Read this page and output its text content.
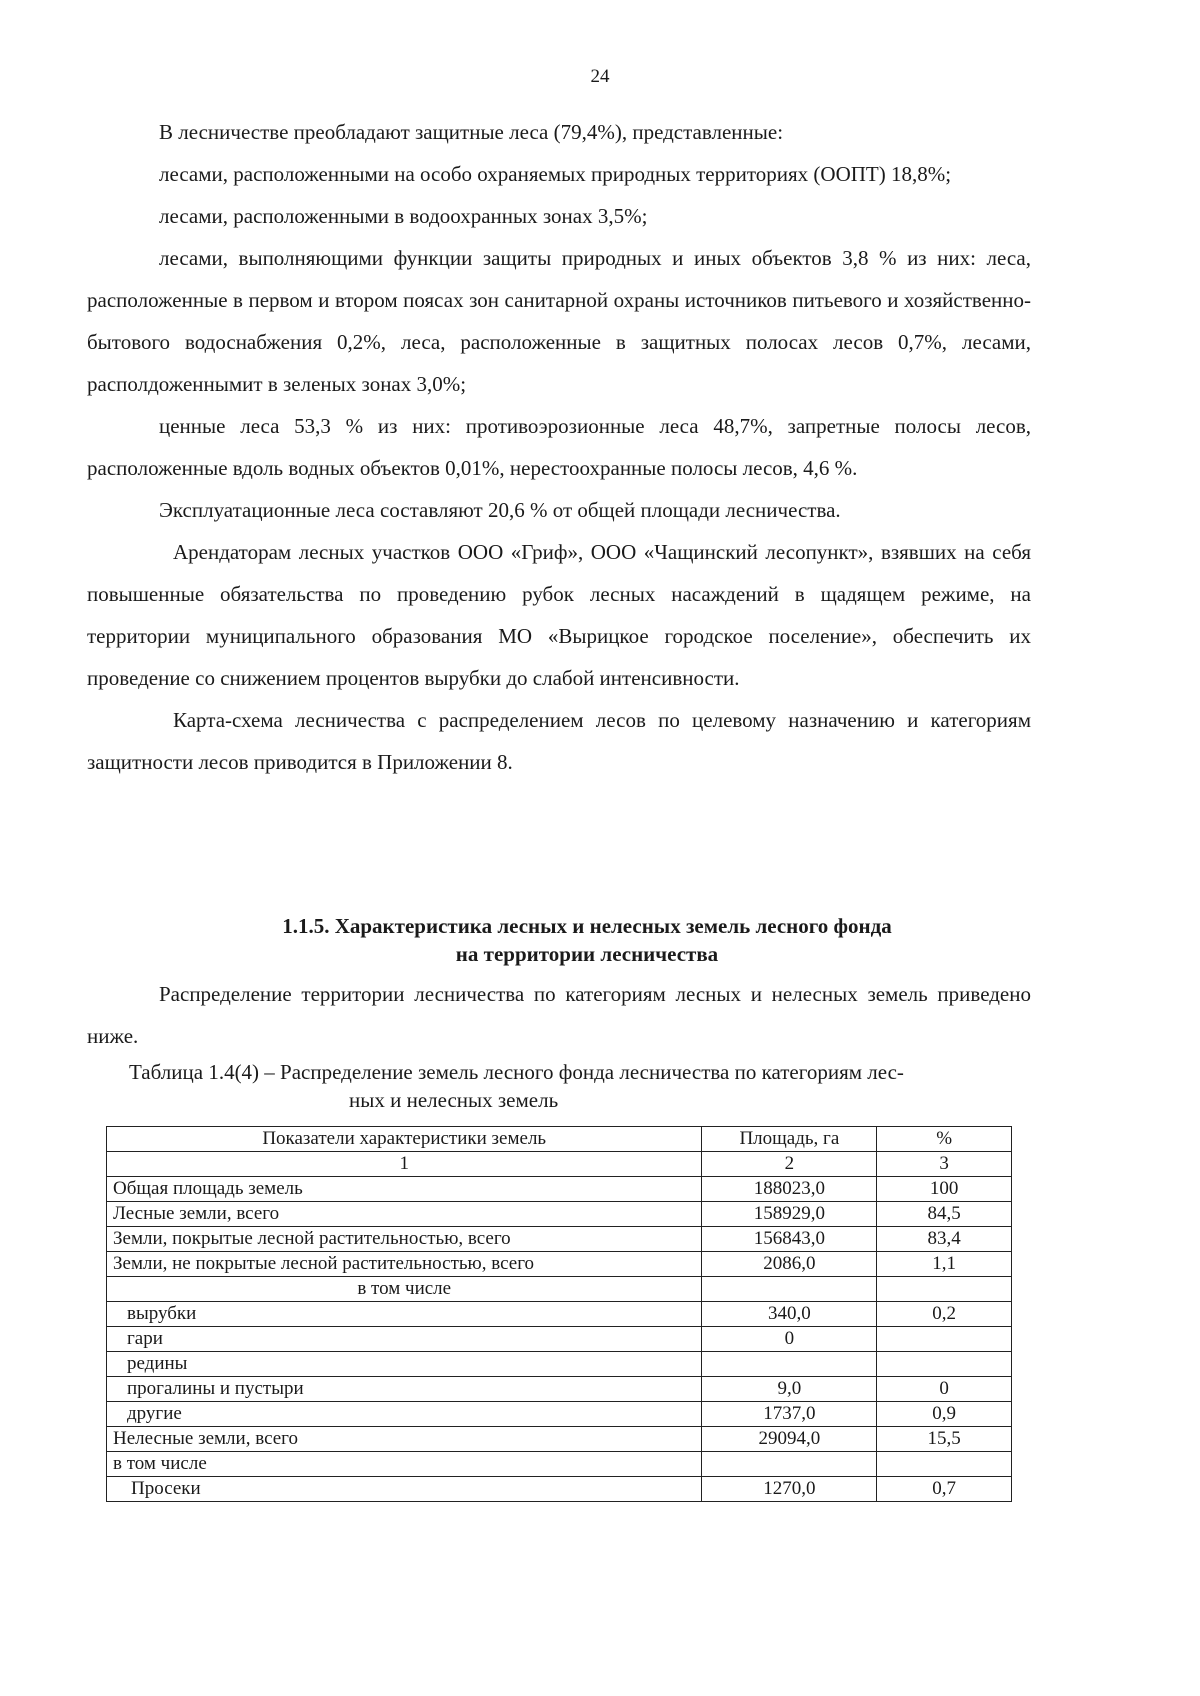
24

В лесничестве преобладают защитные леса (79,4%), представленные:

лесами, расположенными на особо охраняемых природных территориях (ООПТ) 18,8%;

лесами, расположенными в водоохранных зонах 3,5%;

лесами, выполняющими функции защиты природных и иных объектов 3,8 % из них: леса, расположенные в первом и втором поясах зон санитарной охраны источников питьевого и хозяйственно-бытового водоснабжения 0,2%, леса, расположенные в защитных полосах лесов 0,7%, лесами, располдоженнымит в зеленых зонах 3,0%;

ценные леса 53,3 % из них: противоэрозионные леса 48,7%, запретные полосы лесов, расположенные вдоль водных объектов 0,01%, нерестоохранные полосы лесов, 4,6 %.

Эксплуатационные леса составляют 20,6 % от общей площади лесничества.

Арендаторам лесных участков ООО «Гриф», ООО «Чащинский лесопункт», взявших на себя повышенные обязательства по проведению рубок лесных насаждений в щадящем режиме, на территории муниципального образования МО «Вырицкое городское поселение», обеспечить их проведение со снижением процентов вырубки до слабой интенсивности.

Карта-схема лесничества с распределением лесов по целевому назначению и категориям защитности лесов приводится в Приложении 8.

1.1.5. Характеристика лесных и нелесных земель лесного фонда
на территории лесничества

Распределение территории лесничества по категориям лесных и нелесных земель приведено ниже.

Таблица 1.4(4) – Распределение земель лесного фонда лесничества по категориям лес-
ных и нелесных земель
Показатели характеристики земель	Площадь, га	%
1	2	3
Общая площадь земель	188023,0	100
Лесные земли, всего	158929,0	84,5
Земли, покрытые лесной растительностью, всего	156843,0	83,4
Земли, не покрытые лесной растительностью, всего	2086,0	1,1
в том числе		
вырубки	340,0	0,2
гари	0	
редины		
прогалины и пустыри	9,0	0
другие	1737,0	0,9
Нелесные земли, всего	29094,0	15,5
в том числе		
Просеки	1270,0	0,7
